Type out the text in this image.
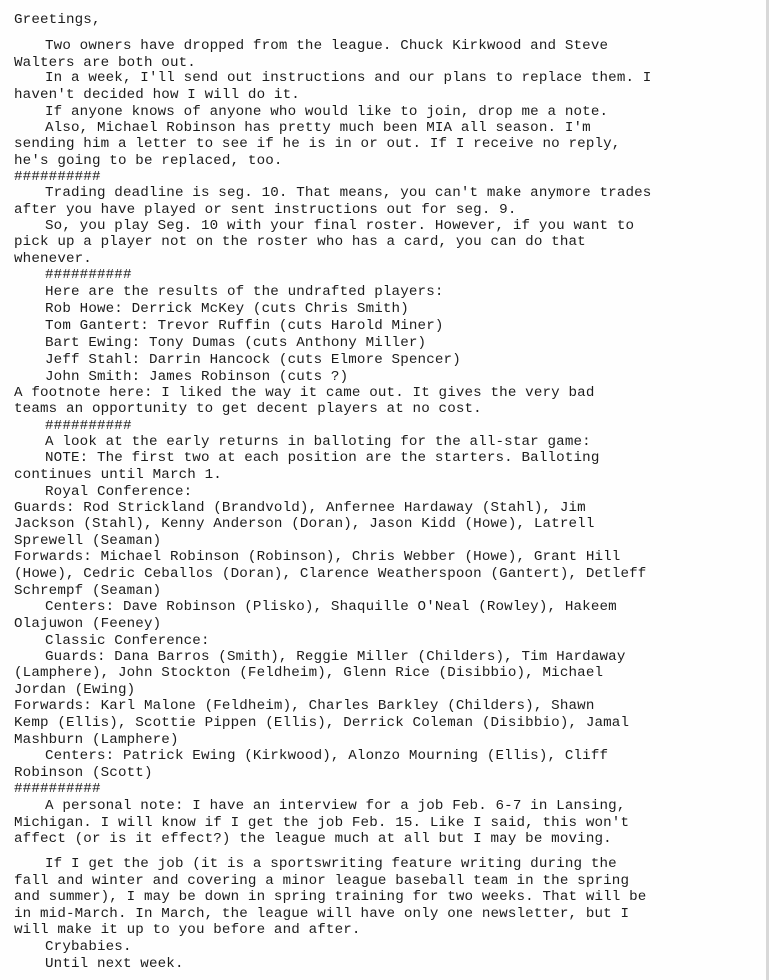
Greetings,
Two owners have dropped from the league. Chuck Kirkwood and Steve
Walters are both out.
In a week, I'll send out instructions and our plans to replace them. I
haven't decided how I will do it.
If anyone knows of anyone who would like to join, drop me a note.
Also, Michael Robinson has pretty much been MIA all season. I'm
sending him a letter to see if he is in or out. If I receive no reply,
he's going to be replaced, too.
##########
Trading deadline is seg. 10. That means, you can't make anymore trades
after you have played or sent instructions out for seg. 9.
So, you play Seg. 10 with your final roster. However, if you want to
pick up a player not on the roster who has a card, you can do that
whenever.
##########
Here are the results of the undrafted players:
Rob Howe: Derrick McKey (cuts Chris Smith)
Tom Gantert: Trevor Ruffin (cuts Harold Miner)
Bart Ewing: Tony Dumas (cuts Anthony Miller)
Jeff Stahl: Darrin Hancock (cuts Elmore Spencer)
John Smith: James Robinson (cuts ?)
A footnote here: I liked the way it came out. It gives the very bad
teams an opportunity to get decent players at no cost.
##########
A look at the early returns in balloting for the all-star game:
NOTE: The first two at each position are the starters. Balloting
continues until March 1.
Royal Conference:
Guards: Rod Strickland (Brandvold), Anfernee Hardaway (Stahl), Jim
Jackson (Stahl), Kenny Anderson (Doran), Jason Kidd (Howe), Latrell
Sprewell (Seaman)
Forwards: Michael Robinson (Robinson), Chris Webber (Howe), Grant Hill
(Howe), Cedric Ceballos (Doran), Clarence Weatherspoon (Gantert), Detleff
Schrempf (Seaman)
Centers: Dave Robinson (Plisko), Shaquille O'Neal (Rowley), Hakeem
Olajuwon (Feeney)
Classic Conference:
Guards: Dana Barros (Smith), Reggie Miller (Childers), Tim Hardaway
(Lamphere), John Stockton (Feldheim), Glenn Rice (Disibbio), Michael
Jordan (Ewing)
Forwards: Karl Malone (Feldheim), Charles Barkley (Childers), Shawn
Kemp (Ellis), Scottie Pippen (Ellis), Derrick Coleman (Disibbio), Jamal
Mashburn (Lamphere)
Centers: Patrick Ewing (Kirkwood), Alonzo Mourning (Ellis), Cliff
Robinson (Scott)
##########
A personal note: I have an interview for a job Feb. 6-7 in Lansing,
Michigan. I will know if I get the job Feb. 15. Like I said, this won't
affect (or is it effect?) the league much at all but I may be moving.
If I get the job (it is a sportswriting feature writing during the
fall and winter and covering a minor league baseball team in the spring
and summer), I may be down in spring training for two weeks. That will be
in mid-March. In March, the league will have only one newsletter, but I
will make it up to you before and after.
Crybabies.
Until next week.
